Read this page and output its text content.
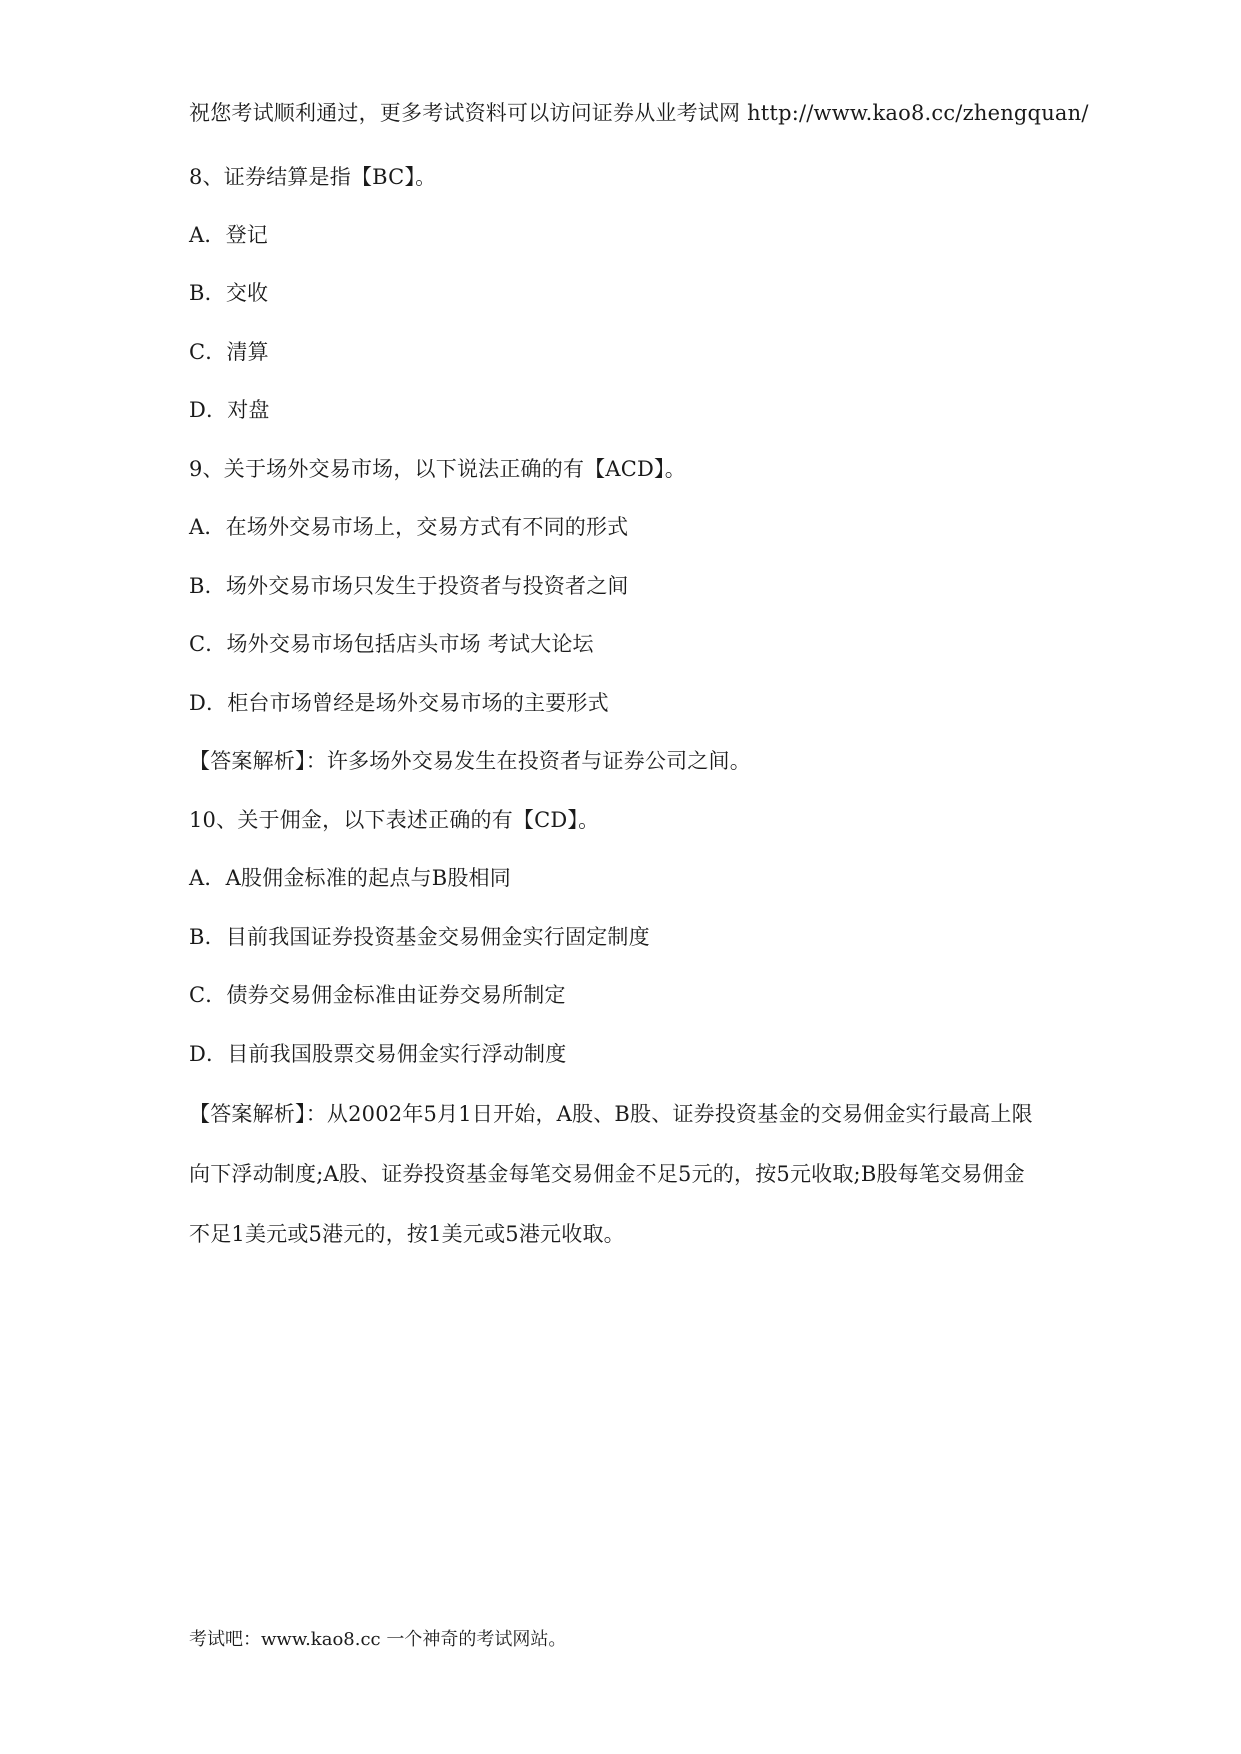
祝您考试顺利通过，更多考试资料可以访问证券从业考试网 http://www.kao8.cc/zhengquan/
8、证券结算是指【BC】。
A．登记
B．交收
C．清算
D．对盘
9、关于场外交易市场，以下说法正确的有【ACD】。
A．在场外交易市场上，交易方式有不同的形式
B．场外交易市场只发生于投资者与投资者之间
C．场外交易市场包括店头市场 考试大论坛
D．柜台市场曾经是场外交易市场的主要形式
【答案解析】：许多场外交易发生在投资者与证券公司之间。
10、关于佣金，以下表述正确的有【CD】。
A．A股佣金标准的起点与B股相同
B．目前我国证券投资基金交易佣金实行固定制度
C．债券交易佣金标准由证券交易所制定
D．目前我国股票交易佣金实行浮动制度
【答案解析】：从2002年5月1日开始，A股、B股、证券投资基金的交易佣金实行最高上限
向下浮动制度;A股、证券投资基金每笔交易佣金不足5元的，按5元收取;B股每笔交易佣金
不足1美元或5港元的，按1美元或5港元收取。
考试吧：www.kao8.cc 一个神奇的考试网站。
